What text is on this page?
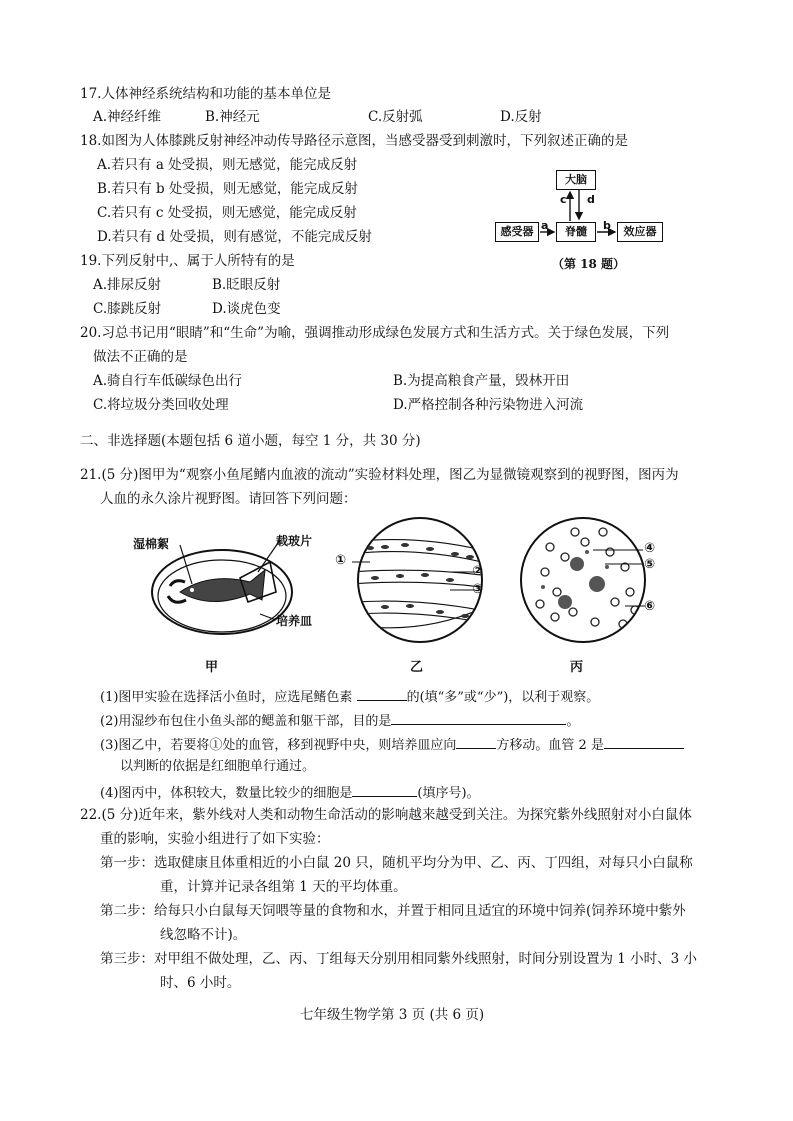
17.人体神经系统结构和功能的基本单位是
A.神经纤维	B.神经元	C.反射弧	D.反射
18.如图为人体膝跳反射神经冲动传导路径示意图，当感受器受到刺激时，下列叙述正确的是
A.若只有 a 处受损，则无感觉，能完成反射
B.若只有 b 处受损，则无感觉，能完成反射
C.若只有 c 处受损，则无感觉，能完成反射
D.若只有 d 处受损，则有感觉，不能完成反射
大脑
感受器	脊髓	效应器
a	b
c d
（第 18 题）
19.下列反射中,、属于人所特有的是
A.排尿反射	B.眨眼反射
C.膝跳反射	D.谈虎色变
20.习总书记用“眼睛”和“生命”为喻，强调推动形成绿色发展方式和生活方式。关于绿色发展，下列
做法不正确的是
A.骑自行车低碳绿色出行	B.为提高粮食产量，毁林开田
C.将垃圾分类回收处理	D.严格控制各种污染物进入河流
二、非选择题(本题包括 6 道小题，每空 1 分，共 30 分)
21.(5 分)图甲为“观察小鱼尾鳍内血液的流动”实验材料处理，图乙为显微镜观察到的视野图，图丙为
人血的永久涂片视野图。请回答下列问题：
湿棉絮	载玻片
培养皿
①
②
③
④
⑤
⑥
甲	乙	丙
(1)图甲实验在选择活小鱼时，应选尾鳍色素	的(填“多”或“少”)，以利于观察。
(2)用湿纱布包住小鱼头部的鳃盖和躯干部，目的是	。
(3)图乙中，若要将①处的血管，移到视野中央，则培养皿应向	方移动。血管 2 是
以判断的依据是红细胞单行通过。
(4)图丙中，体积较大，数量比较少的细胞是	(填序号)。
22.(5 分)近年来，紫外线对人类和动物生命活动的影响越来越受到关注。为探究紫外线照射对小白鼠体
重的影响，实验小组进行了如下实验：
第一步：选取健康且体重相近的小白鼠 20 只，随机平均分为甲、乙、丙、丁四组，对每只小白鼠称
重，计算并记录各组第 1 天的平均体重。
第二步：给每只小白鼠每天饲喂等量的食物和水，并置于相同且适宜的环境中饲养(饲养环境中紫外
线忽略不计)。
第三步：对甲组不做处理，乙、丙、丁组每天分别用相同紫外线照射，时间分别设置为 1 小时、3 小
时、6 小时。
七年级生物学第 3 页 (共 6 页)
